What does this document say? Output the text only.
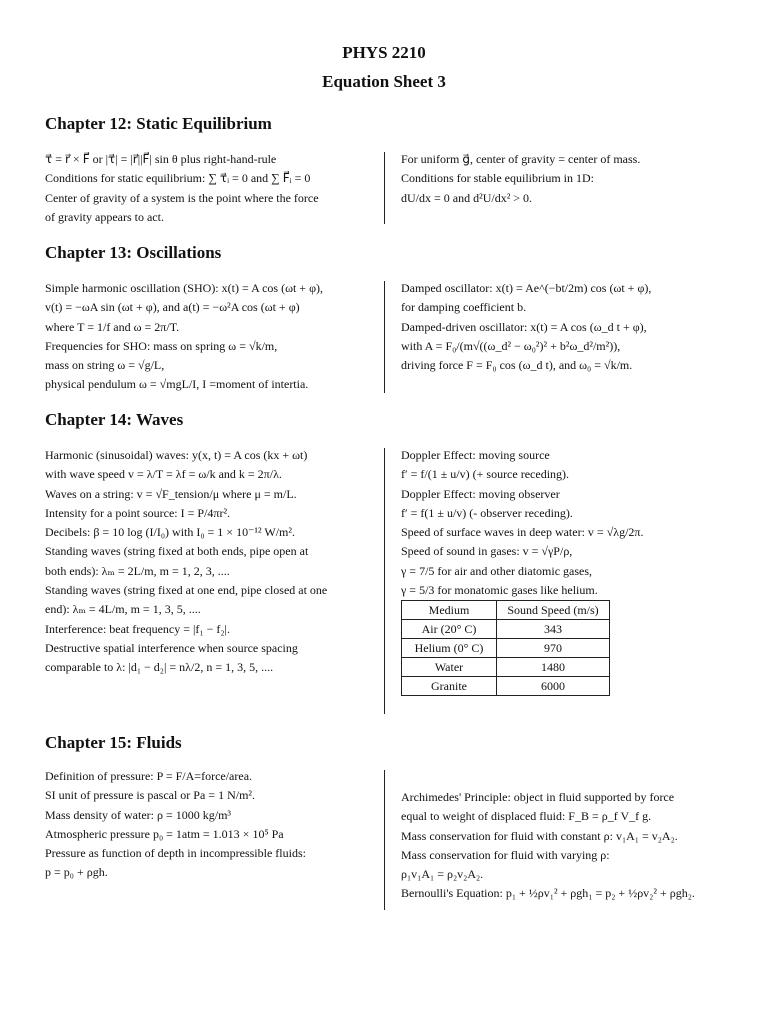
PHYS 2210
Equation Sheet 3
Chapter 12: Static Equilibrium
τ⃗ = r⃗ × F⃗ or |τ⃗| = |r⃗||F⃗| sin θ plus right-hand-rule
Conditions for static equilibrium: ∑ τ⃗ᵢ = 0 and ∑ F⃗ᵢ = 0
Center of gravity of a system is the point where the force
of gravity appears to act.
For uniform g⃗, center of gravity = center of mass.
Conditions for stable equilibrium in 1D:
dU/dx = 0 and d²U/dx² > 0.
Chapter 13: Oscillations
Simple harmonic oscillation (SHO): x(t) = A cos (ωt + φ),
v(t) = −ωA sin (ωt + φ), and a(t) = −ω²A cos (ωt + φ)
where T = 1/f and ω = 2π/T.
Frequencies for SHO: mass on spring ω = √k/m,
mass on string ω = √g/L,
physical pendulum ω = √mgL/I, I =moment of intertia.
Damped oscillator: x(t) = Ae^(−bt/2m) cos (ωt + φ),
for damping coefficient b.
Damped-driven oscillator: x(t) = A cos (ω_d t + φ),
with A = F₀/(m√((ω_d² − ω₀²)² + b²ω_d²/m²)),
driving force F = F₀ cos (ω_d t), and ω₀ = √k/m.
Chapter 14: Waves
Harmonic (sinusoidal) waves: y(x, t) = A cos (kx + ωt)
with wave speed v = λ/T = λf = ω/k and k = 2π/λ.
Waves on a string: v = √F_tension/μ where μ = m/L.
Intensity for a point source: I = P/4πr².
Decibels: β = 10 log (I/I₀) with I₀ = 1 × 10⁻¹² W/m².
Standing waves (string fixed at both ends, pipe open at
both ends): λₘ = 2L/m, m = 1, 2, 3, ....
Standing waves (string fixed at one end, pipe closed at one
end): λₘ = 4L/m, m = 1, 3, 5, ....
Interference: beat frequency = |f₁ − f₂|.
Destructive spatial interference when source spacing
comparable to λ: |d₁ − d₂| = nλ/2, n = 1, 3, 5, ....
Doppler Effect: moving source
f′ = f/(1 ± u/v) (+ source receding).
Doppler Effect: moving observer
f′ = f(1 ± u/v) (- observer receding).
Speed of surface waves in deep water: v = √λg/2π.
Speed of sound in gases: v = √γP/ρ,
γ = 7/5 for air and other diatomic gases,
γ = 5/3 for monatomic gases like helium.
Medium	Sound Speed (m/s)
Air (20° C)	343
Helium (0° C)	970
Water	1480
Granite	6000
Chapter 15: Fluids
Definition of pressure: P = F/A=force/area.
SI unit of pressure is pascal or Pa = 1 N/m².
Mass density of water: ρ = 1000 kg/m³
Atmospheric pressure p₀ = 1atm = 1.013 × 10⁵ Pa
Pressure as function of depth in incompressible fluids:
p = p₀ + ρgh.
Archimedes' Principle: object in fluid supported by force
equal to weight of displaced fluid: F_B = ρ_f V_f g.
Mass conservation for fluid with constant ρ: v₁A₁ = v₂A₂.
Mass conservation for fluid with varying ρ:
ρ₁v₁A₁ = ρ₂v₂A₂.
Bernoulli's Equation: p₁ + ½ρv₁² + ρgh₁ = p₂ + ½ρv₂² + ρgh₂.
